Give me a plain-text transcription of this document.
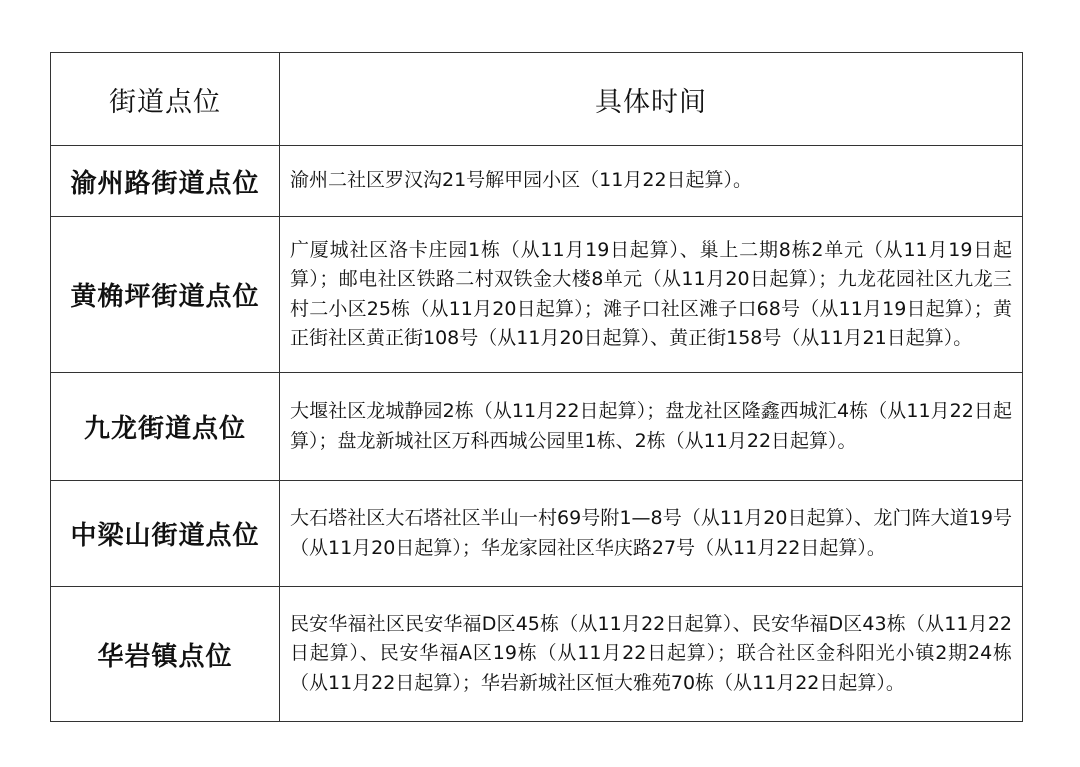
街道点位	具体时间
渝州路街道点位	渝州二社区罗汉沟21号解甲园小区（11月22日起算）。
黄桷坪街道点位	广厦城社区洛卡庄园1栋（从11月19日起算）、巢上二期8栋2单元（从11月19日起算）；邮电社区铁路二村双铁金大楼8单元（从11月20日起算）；九龙花园社区九龙三村二小区25栋（从11月20日起算）；滩子口社区滩子口68号（从11月19日起算）；黄正街社区黄正街108号（从11月20日起算）、黄正街158号（从11月21日起算）。
九龙街道点位	大堰社区龙城静园2栋（从11月22日起算）；盘龙社区隆鑫西城汇4栋（从11月22日起算）；盘龙新城社区万科西城公园里1栋、2栋（从11月22日起算）。
中梁山街道点位	大石塔社区大石塔社区半山一村69号附1—8号（从11月20日起算）、龙门阵大道19号（从11月20日起算）；华龙家园社区华庆路27号（从11月22日起算）。
华岩镇点位	民安华福社区民安华福D区45栋（从11月22日起算）、民安华福D区43栋（从11月22日起算）、民安华福A区19栋（从11月22日起算）；联合社区金科阳光小镇2期24栋（从11月22日起算）；华岩新城社区恒大雅苑70栋（从11月22日起算）。
